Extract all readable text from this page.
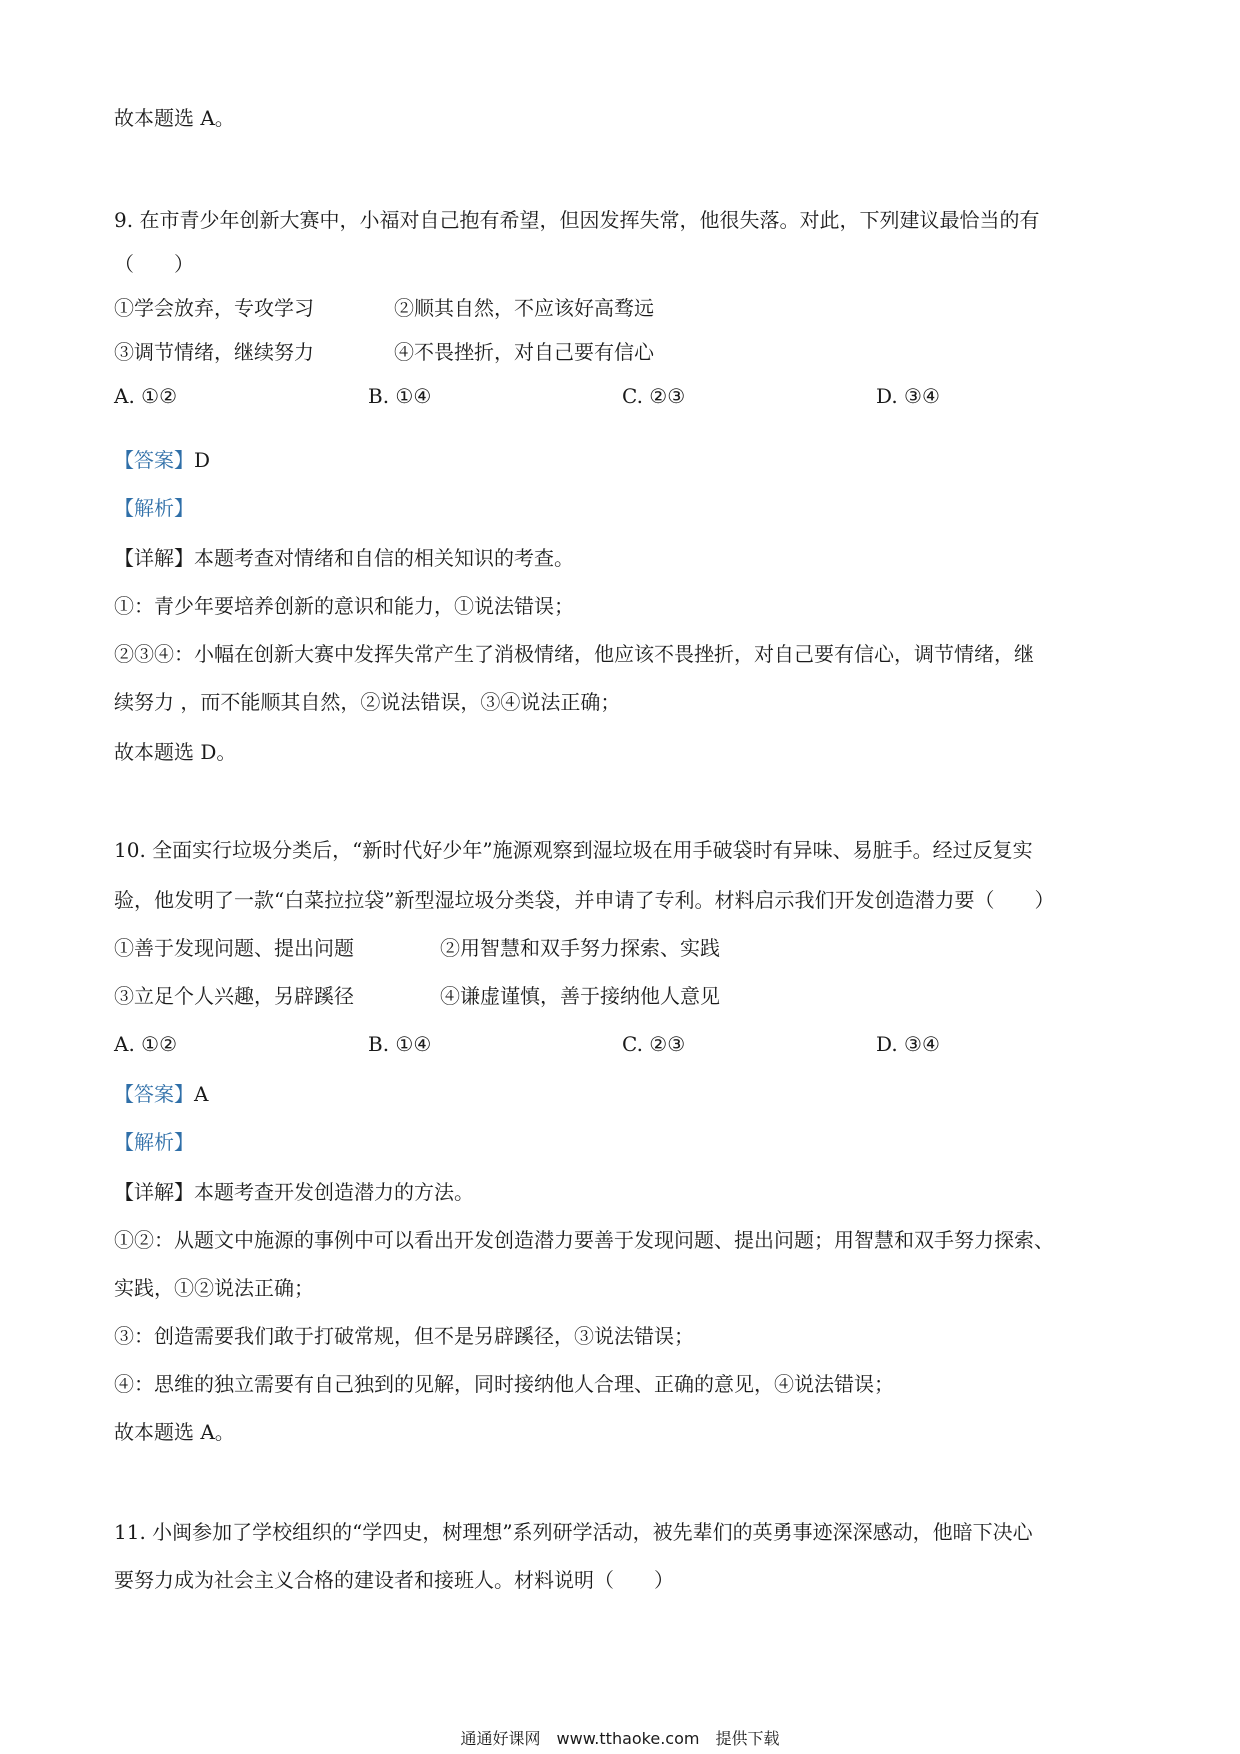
故本题选 A。
9. 在市青少年创新大赛中，小福对自己抱有希望，但因发挥失常，他很失落。对此，下列建议最恰当的有
（　　）
①学会放弃，专攻学习	②顺其自然，不应该好高骛远
③调节情绪，继续努力	④不畏挫折，对自己要有信心
A. ①②	B. ①④	C. ②③	D. ③④
【答案】D
【解析】
【详解】本题考查对情绪和自信的相关知识的考查。
①：青少年要培养创新的意识和能力，①说法错误；
②③④：小幅在创新大赛中发挥失常产生了消极情绪，他应该不畏挫折，对自己要有信心，调节情绪，继
续努力 ，而不能顺其自然，②说法错误，③④说法正确；
故本题选 D。
10. 全面实行垃圾分类后，“新时代好少年”施源观察到湿垃圾在用手破袋时有异味、易脏手。经过反复实
验，他发明了一款“白菜拉拉袋”新型湿垃圾分类袋，并申请了专利。材料启示我们开发创造潜力要（　　）
①善于发现问题、提出问题	②用智慧和双手努力探索、实践
③立足个人兴趣，另辟蹊径	④谦虚谨慎，善于接纳他人意见
A. ①②	B. ①④	C. ②③	D. ③④
【答案】A
【解析】
【详解】本题考查开发创造潜力的方法。
①②：从题文中施源的事例中可以看出开发创造潜力要善于发现问题、提出问题；用智慧和双手努力探索、
实践，①②说法正确；
③：创造需要我们敢于打破常规，但不是另辟蹊径，③说法错误；
④：思维的独立需要有自己独到的见解，同时接纳他人合理、正确的意见，④说法错误；
故本题选 A。
11. 小闽参加了学校组织的“学四史，树理想”系列研学活动，被先辈们的英勇事迹深深感动，他暗下决心
要努力成为社会主义合格的建设者和接班人。材料说明（　　）
通通好课网　www.tthaoke.com　提供下载
